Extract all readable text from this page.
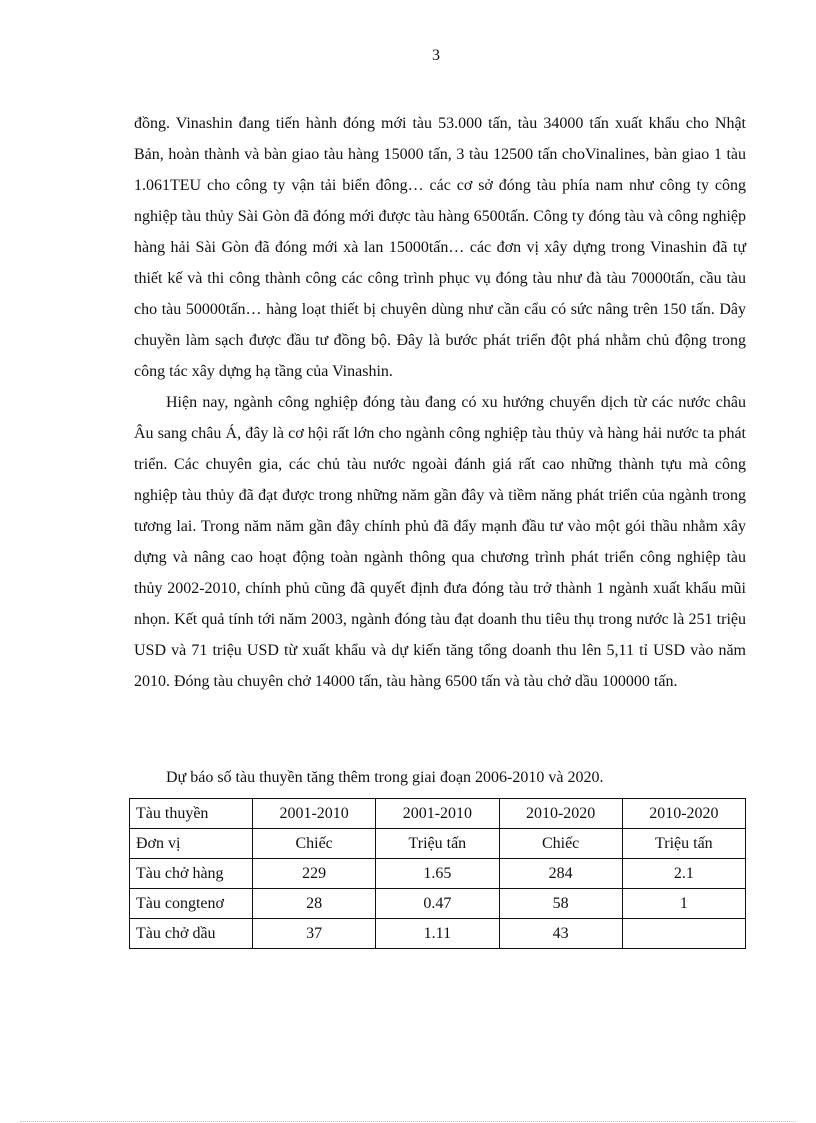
3

đồng. Vinashin đang tiến hành đóng mới tàu 53.000 tấn, tàu 34000 tấn xuất khẩu cho Nhật Bản, hoàn thành và bàn giao tàu hàng 15000 tấn, 3 tàu 12500 tấn choVinalines, bàn giao 1 tàu 1.061TEU cho công ty vận tải biển đông… các cơ sở đóng tàu phía nam như công ty công nghiệp tàu thủy Sài Gòn đã đóng mới được tàu hàng 6500tấn. Công ty đóng tàu và công nghiệp hàng hải Sài Gòn đã đóng mới xà lan 15000tấn… các đơn vị xây dựng trong Vinashin đã tự thiết kế và thi công thành công các công trình phục vụ đóng tàu như đà tàu 70000tấn, cầu tàu cho tàu 50000tấn… hàng loạt thiết bị chuyên dùng như cần cẩu có sức nâng trên 150 tấn. Dây chuyền làm sạch được đầu tư đồng bộ. Đây là bước phát triển đột phá nhằm chủ động trong công tác xây dựng hạ tầng của Vinashin.

Hiện nay, ngành công nghiệp đóng tàu đang có xu hướng chuyển dịch từ các nước châu Âu sang châu Á, đây là cơ hội rất lớn cho ngành công nghiệp tàu thủy và hàng hải nước ta phát triển. Các chuyên gia, các chủ tàu nước ngoài đánh giá rất cao những thành tựu mà công nghiệp tàu thủy đã đạt được trong những năm gần đây và tiềm năng phát triển của ngành trong tương lai. Trong năm năm gần đây chính phủ đã đẩy mạnh đầu tư vào một gói thầu nhằm xây dựng và nâng cao hoạt động toàn ngành thông qua chương trình phát triển công nghiệp tàu thủy 2002-2010, chính phủ cũng đã quyết định đưa đóng tàu trở thành 1 ngành xuất khẩu mũi nhọn. Kết quả tính tới năm 2003, ngành đóng tàu đạt doanh thu tiêu thụ trong nước là 251 triệu USD và 71 triệu USD từ xuất khẩu và dự kiến tăng tổng doanh thu lên 5,11 tỉ USD vào năm 2010. Đóng tàu chuyên chở 14000 tấn, tàu hàng 6500 tấn và tàu chở dầu 100000 tấn.

Dự báo số tàu thuyền tăng thêm trong giai đoạn 2006-2010 và 2020.
Tàu thuyền	2001-2010	2001-2010	2010-2020	2010-2020
Đơn vị	Chiếc	Triệu tấn	Chiếc	Triệu tấn
Tàu chở hàng	229	1.65	284	2.1
Tàu congtenơ	28	0.47	58	1
Tàu chở dầu	37	1.11	43	
